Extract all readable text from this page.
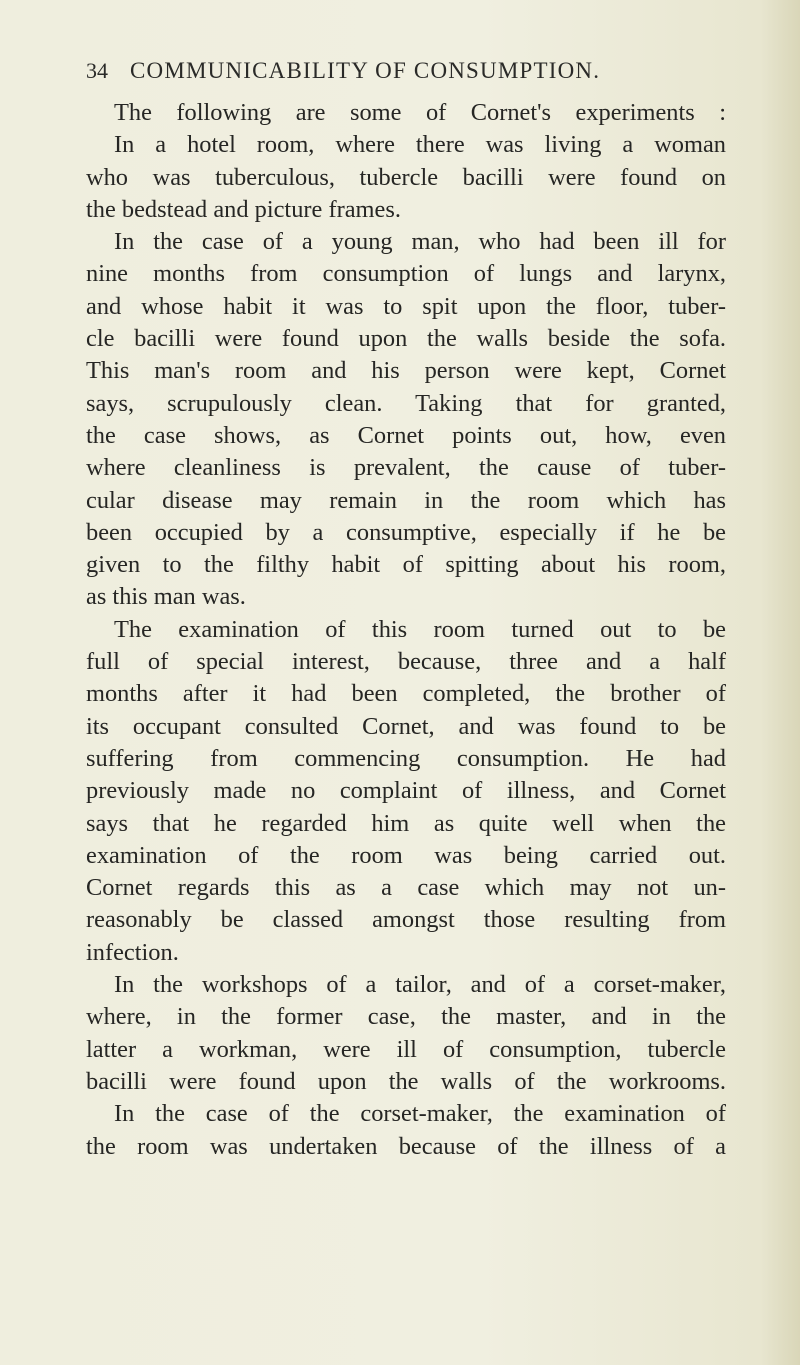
34 COMMUNICABILITY OF CONSUMPTION.
The following are some of Cornet's experiments :
In a hotel room, where there was living a woman
who was tuberculous, tubercle bacilli were found on
the bedstead and picture frames.
In the case of a young man, who had been ill for
nine months from consumption of lungs and larynx,
and whose habit it was to spit upon the floor, tuber-
cle bacilli were found upon the walls beside the sofa.
This man's room and his person were kept, Cornet
says, scrupulously clean. Taking that for granted,
the case shows, as Cornet points out, how, even
where cleanliness is prevalent, the cause of tuber-
cular disease may remain in the room which has
been occupied by a consumptive, especially if he be
given to the filthy habit of spitting about his room,
as this man was.
The examination of this room turned out to be
full of special interest, because, three and a half
months after it had been completed, the brother of
its occupant consulted Cornet, and was found to be
suffering from commencing consumption. He had
previously made no complaint of illness, and Cornet
says that he regarded him as quite well when the
examination of the room was being carried out.
Cornet regards this as a case which may not un-
reasonably be classed amongst those resulting from
infection.
In the workshops of a tailor, and of a corset-maker,
where, in the former case, the master, and in the
latter a workman, were ill of consumption, tubercle
bacilli were found upon the walls of the workrooms.
In the case of the corset-maker, the examination of
the room was undertaken because of the illness of a
